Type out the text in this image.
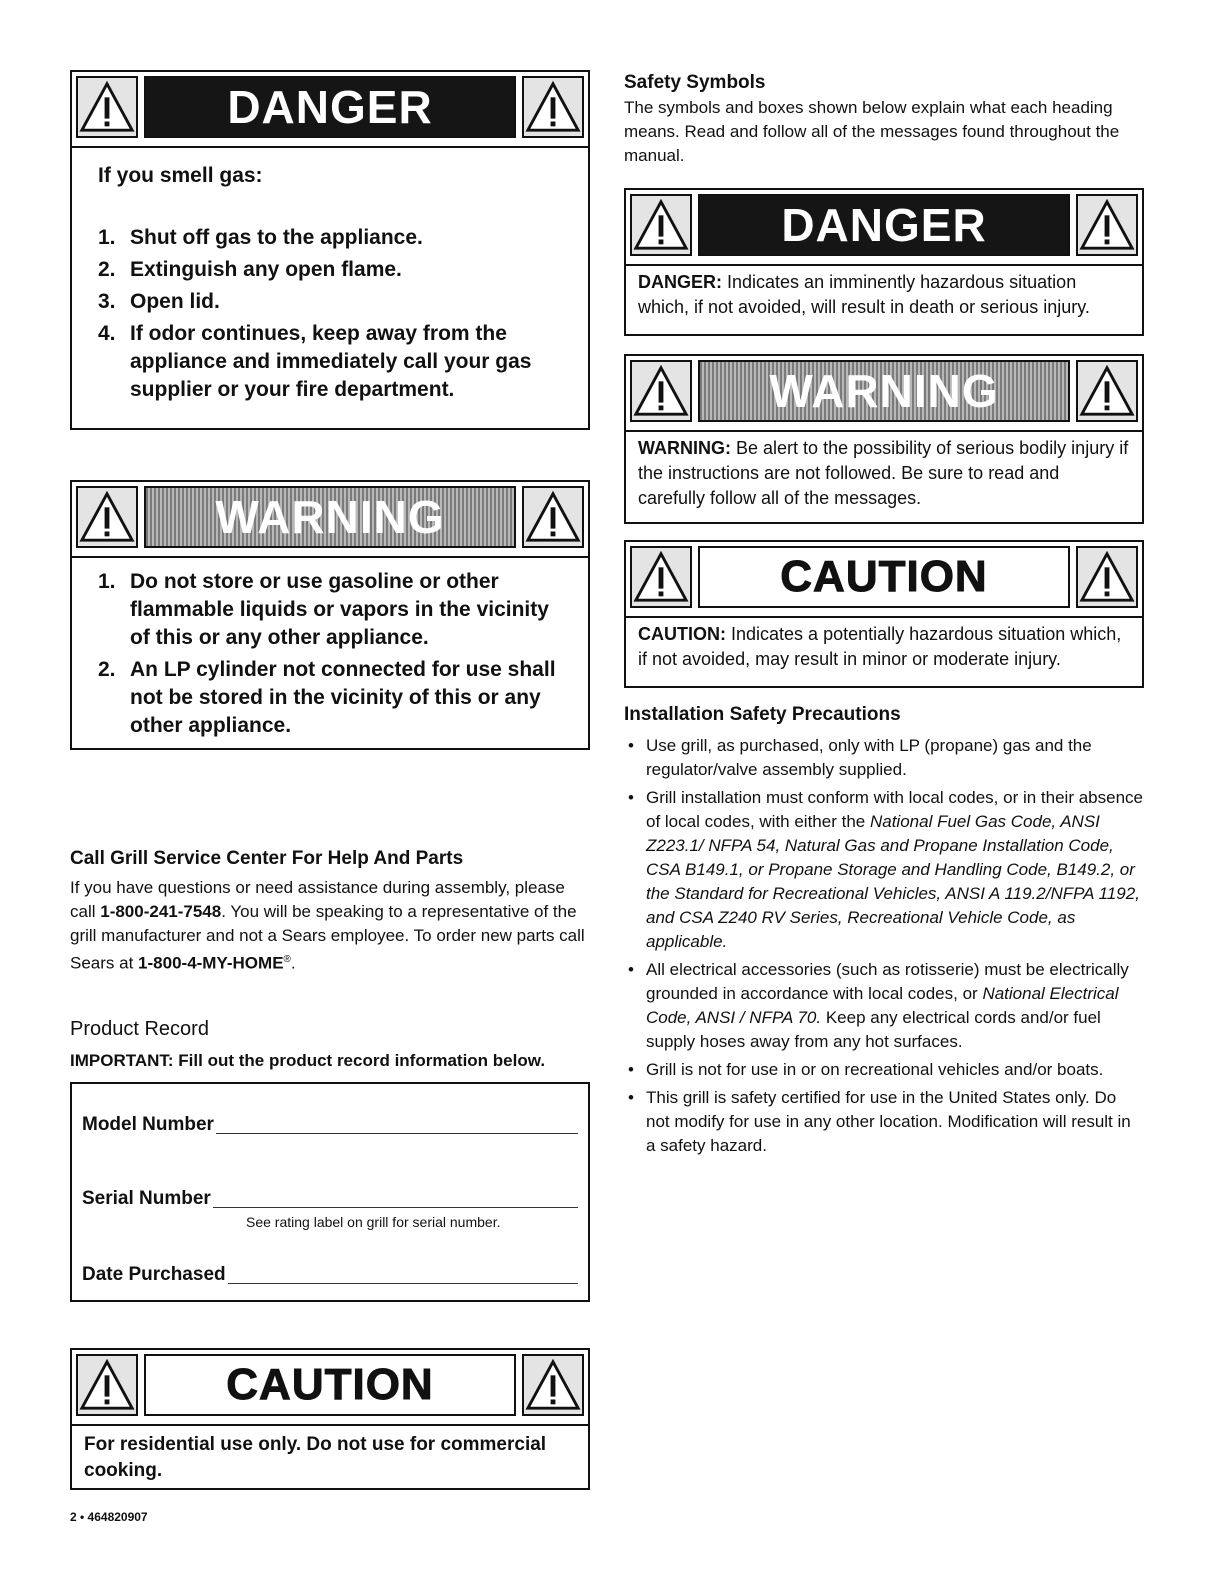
DANGER
If you smell gas:
1. Shut off gas to the appliance.
2. Extinguish any open flame.
3. Open lid.
4. If odor continues, keep away from the appliance and immediately call your gas supplier or your fire department.
WARNING
1. Do not store or use gasoline or other flammable liquids or vapors in the vicinity of this or any other appliance.
2. An LP cylinder not connected for use shall not be stored in the vicinity of this or any other appliance.
Call Grill Service Center For Help And Parts
If you have questions or need assistance during assembly, please call 1-800-241-7548. You will be speaking to a representative of the grill manufacturer and not a Sears employee. To order new parts call Sears at 1-800-4-MY-HOME®.
Product Record
IMPORTANT: Fill out the product record information below.
Model Number
Serial Number
See rating label on grill for serial number.
Date Purchased
CAUTION
For residential use only. Do not use for commercial cooking.
2 • 464820907
Safety Symbols
The symbols and boxes shown below explain what each heading means. Read and follow all of the messages found throughout the manual.
DANGER
DANGER: Indicates an imminently hazardous situation which, if not avoided, will result in death or serious injury.
WARNING
WARNING: Be alert to the possibility of serious bodily injury if the instructions are not followed. Be sure to read and carefully follow all of the messages.
CAUTION
CAUTION: Indicates a potentially hazardous situation which, if not avoided, may result in minor or moderate injury.
Installation Safety Precautions
• Use grill, as purchased, only with LP (propane) gas and the regulator/valve assembly supplied.
• Grill installation must conform with local codes, or in their absence of local codes, with either the National Fuel Gas Code, ANSI Z223.1/ NFPA 54, Natural Gas and Propane Installation Code, CSA B149.1, or Propane Storage and Handling Code, B149.2, or the Standard for Recreational Vehicles, ANSI A 119.2/NFPA 1192, and CSA Z240 RV Series, Recreational Vehicle Code, as applicable.
• All electrical accessories (such as rotisserie) must be electrically grounded in accordance with local codes, or National Electrical Code, ANSI / NFPA 70. Keep any electrical cords and/or fuel supply hoses away from any hot surfaces.
• Grill is not for use in or on recreational vehicles and/or boats.
• This grill is safety certified for use in the United States only. Do not modify for use in any other location. Modification will result in a safety hazard.
